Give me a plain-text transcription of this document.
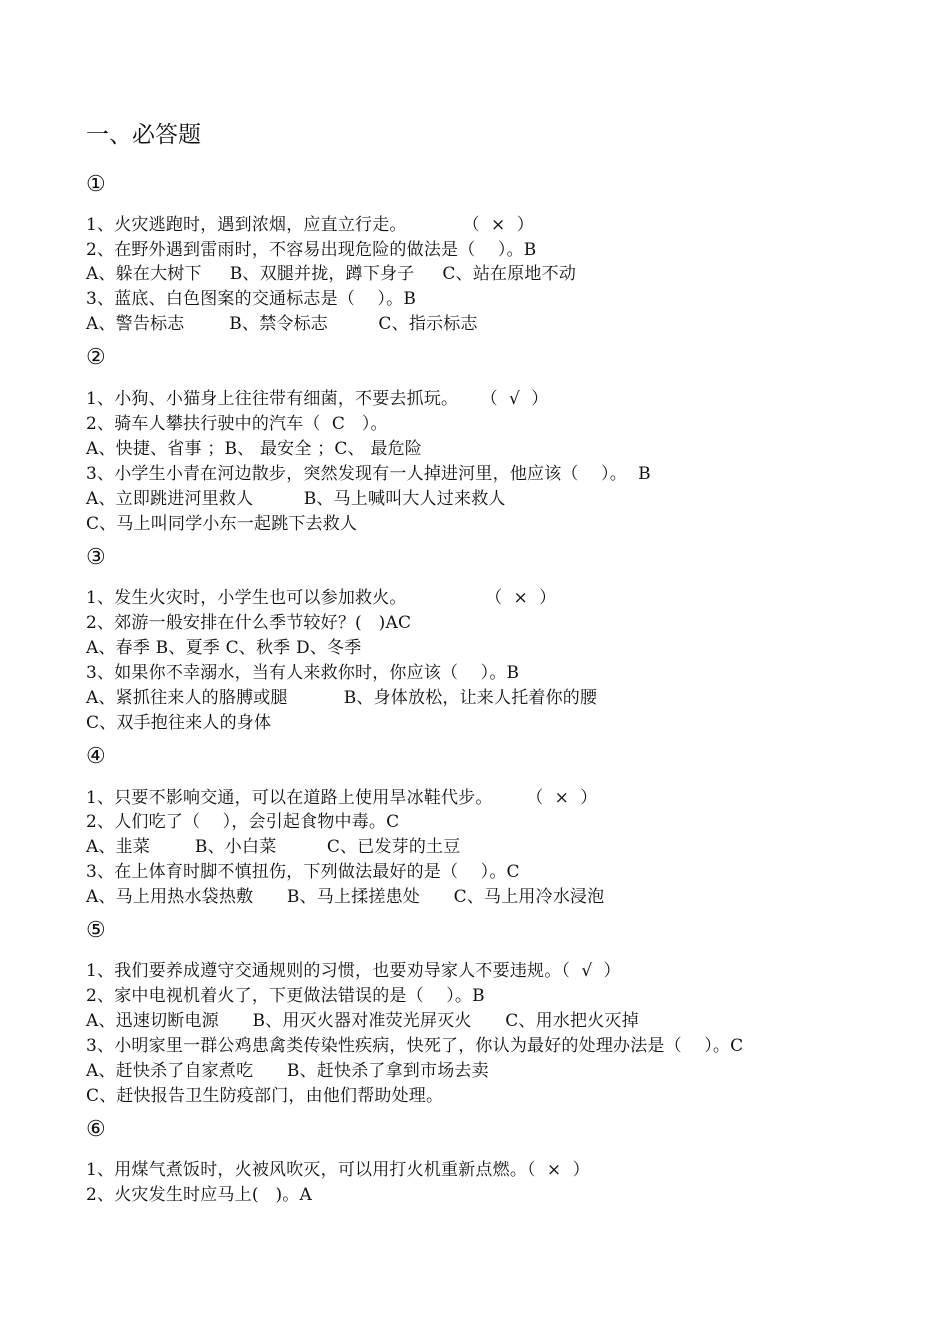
一、必答题
①
1、火灾逃跑时，遇到浓烟，应直立行走。          （  ×  ）
2、在野外遇到雷雨时，不容易出现危险的做法是（    ）。B
A、躲在大树下     B、双腿并拢，蹲下身子     C、站在原地不动
3、蓝底、白色图案的交通标志是（    ）。B
A、警告标志        B、禁令标志         C、指示标志
②
1、小狗、小猫身上往往带有细菌，不要去抓玩。    （  √  ）
2、骑车人攀扶行驶中的汽车（  C   ）。
A、快捷、省事 ；B、 最安全 ；C、 最危险
3、小学生小青在河边散步，突然发现有一人掉进河里，他应该（    ）。  B
A、立即跳进河里救人         B、马上喊叫大人过来救人
C、马上叫同学小东一起跳下去救人
③
1、发生火灾时，小学生也可以参加救火。              （  ×  ）
2、郊游一般安排在什么季节较好？(   )AC
A、春季 B、夏季 C、秋季 D、冬季
3、如果你不幸溺水，当有人来救你时，你应该（    ）。B
A、紧抓往来人的胳膊或腿          B、身体放松，让来人托着你的腰
C、双手抱往来人的身体
④
1、只要不影响交通，可以在道路上使用旱冰鞋代步。      （  ×  ）
2、人们吃了（    ），会引起食物中毒。C
A、韭菜        B、小白菜         C、已发芽的土豆
3、在上体育时脚不慎扭伤，下列做法最好的是（    ）。C
A、马上用热水袋热敷      B、马上揉搓患处      C、马上用冷水浸泡
⑤
1、我们要养成遵守交通规则的习惯，也要劝导家人不要违规。（  √  ）
2、家中电视机着火了，下更做法错误的是（    ）。B
A、迅速切断电源      B、用灭火器对准荧光屏灭火      C、用水把火灭掉
3、小明家里一群公鸡患禽类传染性疾病，快死了，你认为最好的处理办法是（    ）。C
A、赶快杀了自家煮吃      B、赶快杀了拿到市场去卖
C、赶快报告卫生防疫部门，由他们帮助处理。
⑥
1、用煤气煮饭时，火被风吹灭，可以用打火机重新点燃。（  ×  ）
2、火灾发生时应马上(   )。A
